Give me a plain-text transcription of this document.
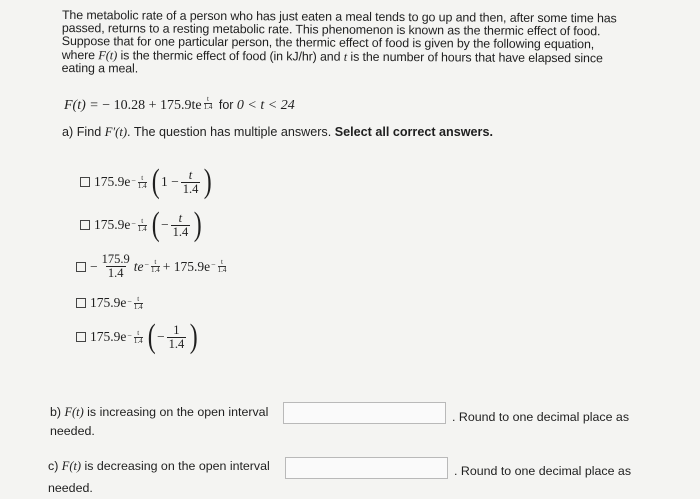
The metabolic rate of a person who has just eaten a meal tends to go up and then, after some time has
passed, returns to a resting metabolic rate. This phenomenon is known as the thermic effect of food.
Suppose that for one particular person, the thermic effect of food is given by the following equation,
where F(t) is the thermic effect of food (in kJ/hr) and t is the number of hours that have elapsed since
eating a meal.
F(t) = − $10.28 + 175.9te \frac{t}{1.4}$ for 0 < t < 24
a) Find F′(t). The question has multiple answers. Select all correct answers.
$175.9e - \frac{t}{1.4}$ ( $1 - \frac{t}{1.4}$ )
$175.9e - \frac{t}{1.4}$ ( − $\frac{t}{1.4}$ )
− $\frac{175.9}{1.4}$ te − $\frac{t}{1.4} + 175.9e - \frac{t}{1.4}$
$175.9e - \frac{t}{1.4}$
$175.9e - \frac{t}{1.4}$ ( − $\frac{1}{1.4}$ )
b) F(t) is increasing on the open interval	. Round to one decimal place as
needed.
c) F(t) is decreasing on the open interval	. Round to one decimal place as
needed.
